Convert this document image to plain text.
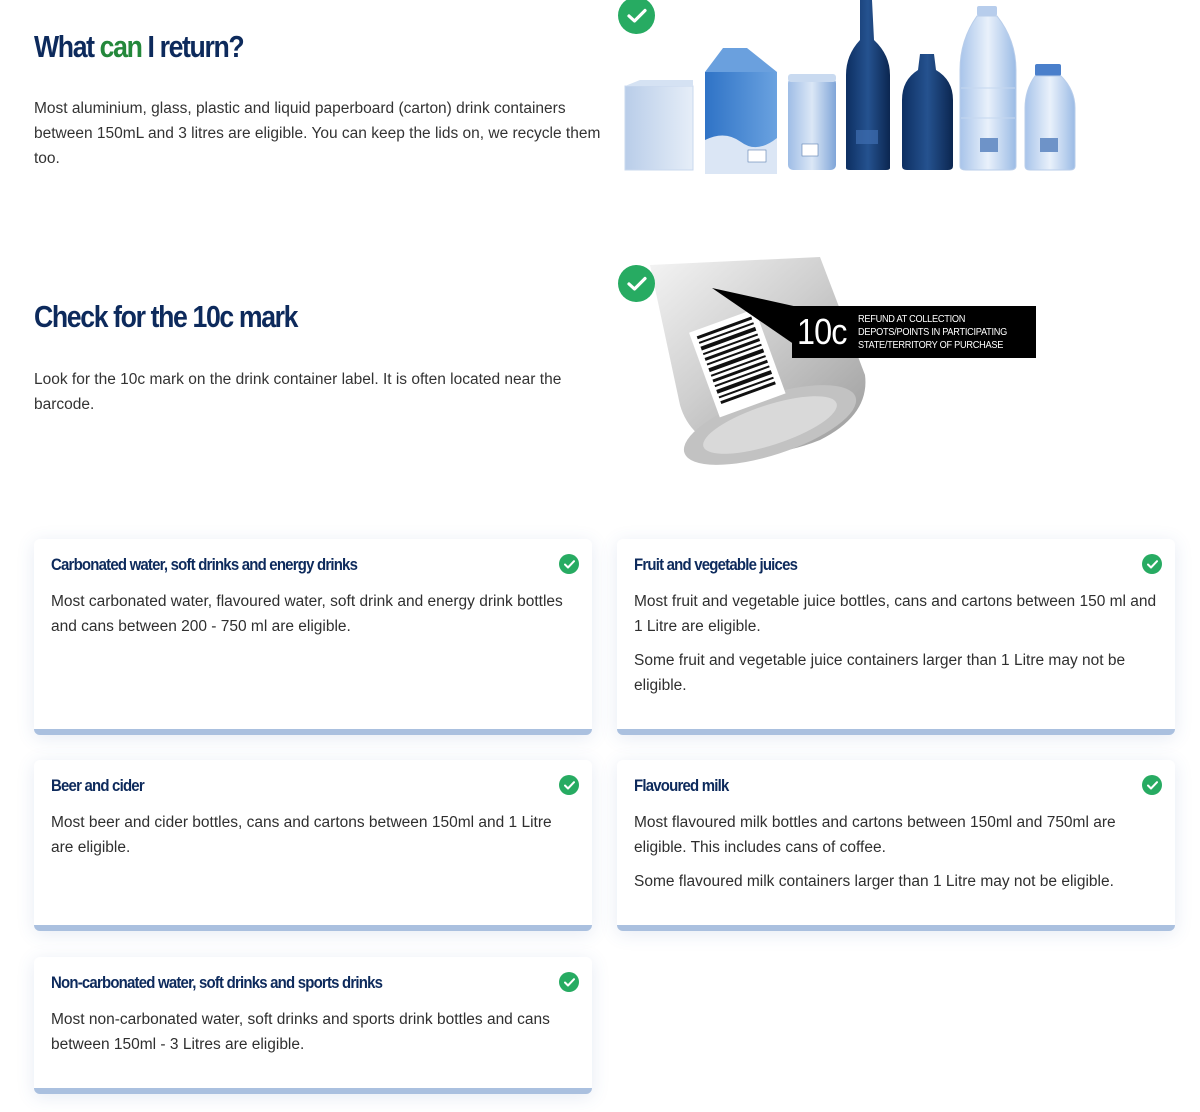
What can I return?

Most aluminium, glass, plastic and liquid paperboard (carton) drink containers between 150mL and 3 litres are eligible. You can keep the lids on, we recycle them too.

Check for the 10c mark

Look for the 10c mark on the drink container label. It is often located near the barcode.

10c REFUND AT COLLECTION
DEPOTS/POINTS IN PARTICIPATING
STATE/TERRITORY OF PURCHASE
Carbonated water, soft drinks and energy drinks

Most carbonated water, flavoured water, soft drink and energy drink bottles and cans between 200 - 750 ml are eligible.

Fruit and vegetable juices

Most fruit and vegetable juice bottles, cans and cartons between 150 ml and 1 Litre are eligible.

Some fruit and vegetable juice containers larger than 1 Litre may not be eligible.

Beer and cider

Most beer and cider bottles, cans and cartons between 150ml and 1 Litre are eligible.

Flavoured milk

Most flavoured milk bottles and cartons between 150ml and 750ml are eligible. This includes cans of coffee.

Some flavoured milk containers larger than 1 Litre may not be eligible.

Non-carbonated water, soft drinks and sports drinks

Most non-carbonated water, soft drinks and sports drink bottles and cans between 150ml - 3 Litres are eligible.
